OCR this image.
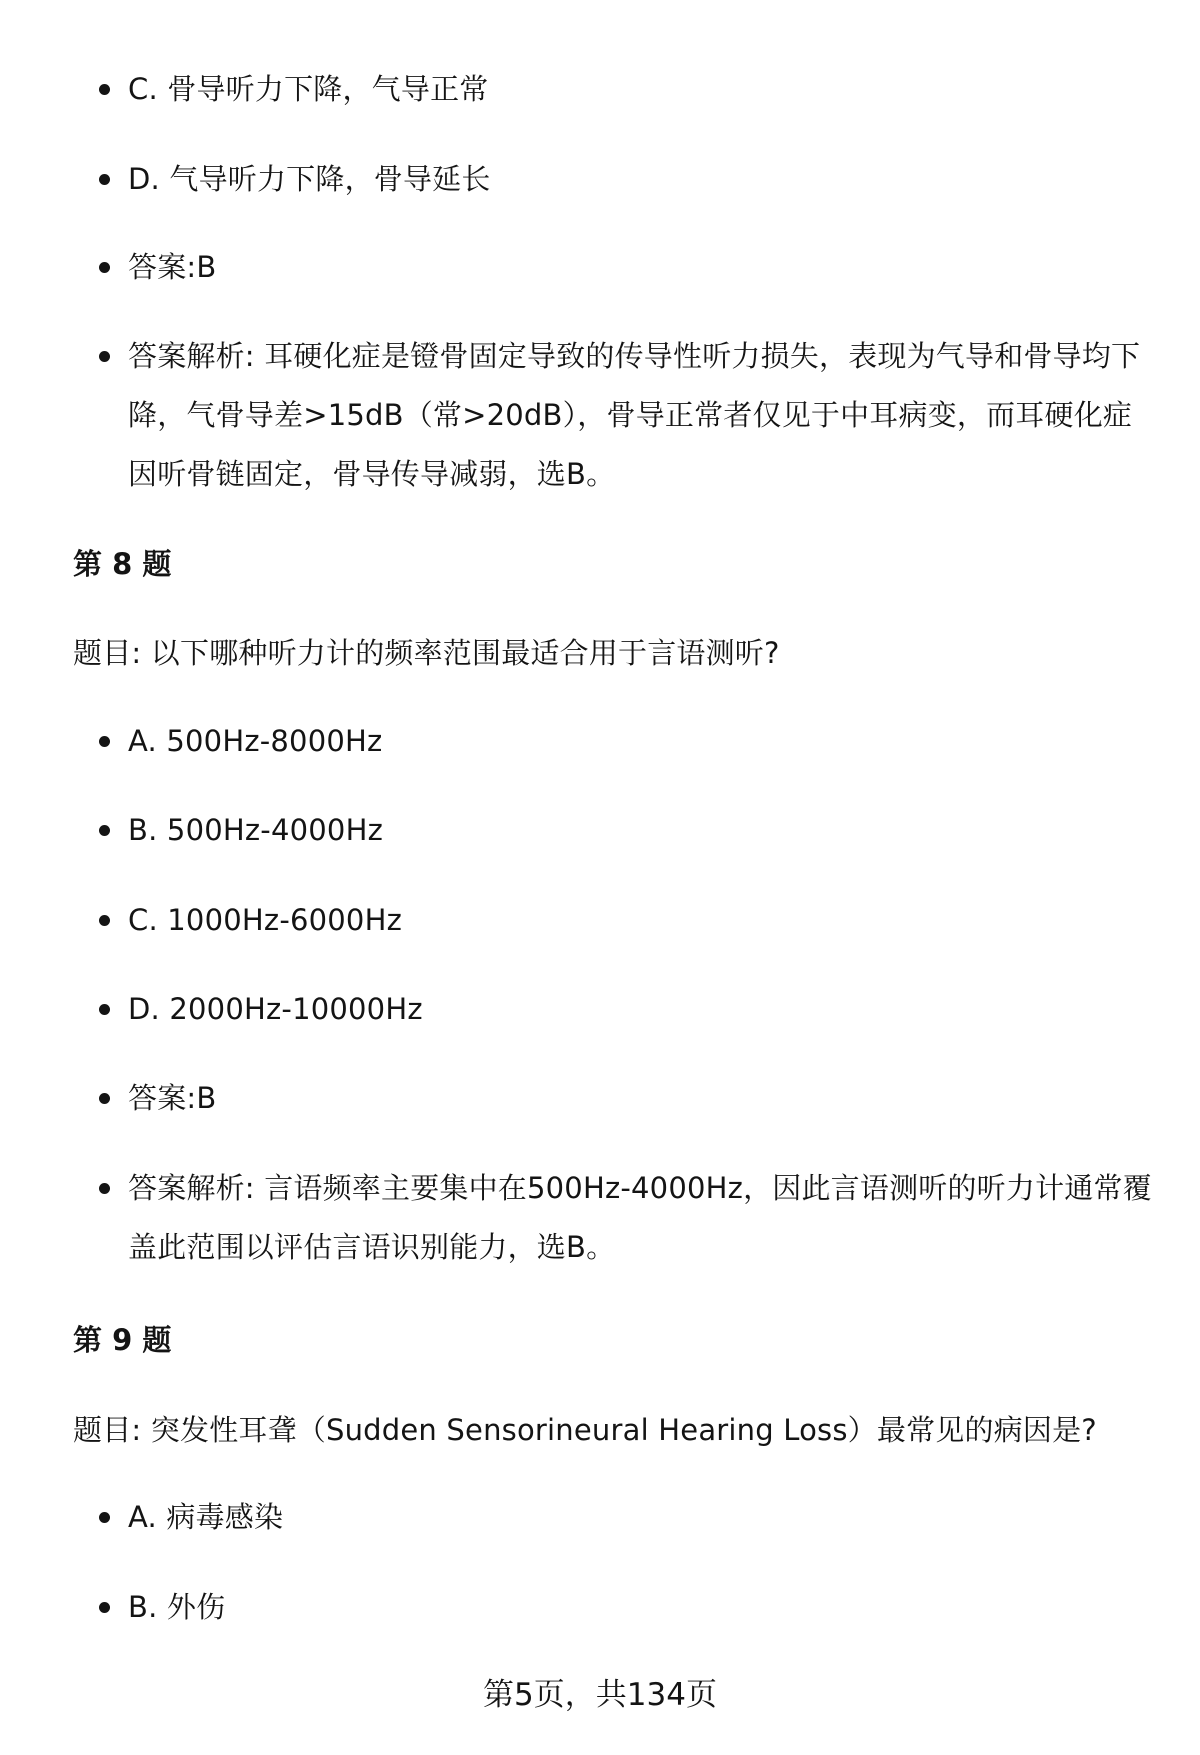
C. 骨导听力下降，气导正常
D. 气导听力下降，骨导延长
答案:B
答案解析: 耳硬化症是镫骨固定导致的传导性听力损失，表现为气导和骨导均下降，气骨导差>15dB（常>20dB），骨导正常者仅见于中耳病变，而耳硬化症因听骨链固定，骨导传导减弱，选B。
第 8 题
题目: 以下哪种听力计的频率范围最适合用于言语测听?
A. 500Hz-8000Hz
B. 500Hz-4000Hz
C. 1000Hz-6000Hz
D. 2000Hz-10000Hz
答案:B
答案解析: 言语频率主要集中在500Hz-4000Hz，因此言语测听的听力计通常覆盖此范围以评估言语识别能力，选B。
第 9 题
题目: 突发性耳聋（Sudden Sensorineural Hearing Loss）最常见的病因是?
A. 病毒感染
B. 外伤
第5页，共134页
